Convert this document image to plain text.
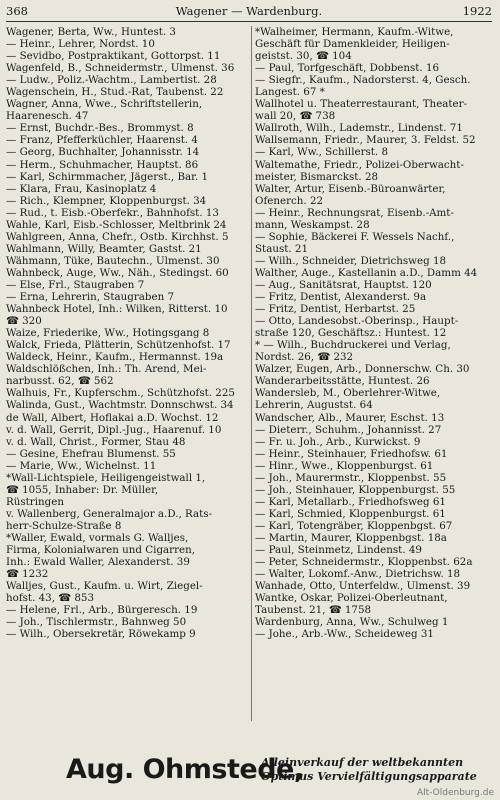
368	Wagener — Wardenburg.	1922
Wagener, Berta, Ww., Huntest. 3
— Heinr., Lehrer, Nordst. 10
— Sevidbo, Postpraktikant, Gottorpst. 11
Wagenfeld, B., Schneidermstr., Ulmenst. 36
— Ludw., Poliz.-Wachtm., Lambertist. 28
Wagenschein, H., Stud.-Rat, Taubenst. 22
Wagner, Anna, Wwe., Schriftstellerin,
Haarenesch. 47
— Ernst, Buchdr.-Bes., Brommyst. 8
— Franz, Pfefferküchler, Haarenst. 4
— Georg, Buchhalter, Johannisstr. 14
— Herm., Schuhmacher, Hauptst. 86
— Karl, Schirmmacher, Jägerst., Bar. 1
— Klara, Frau, Kasinoplatz 4
— Rich., Klempner, Kloppenburgst. 34
— Rud., t. Eisb.-Oberfekr., Bahnhofst. 13
Wahle, Karl, Eisb.-Schlosser, Meltbrink 24
Wahlgreen, Anna, Chefr., Ostb. Kirchhst. 5
Wahlmann, Willy, Beamter, Gastst. 21
Wähmann, Tüke, Bautechn., Ulmenst. 30
Wahnbeck, Auge, Ww., Näh., Stedingst. 60
— Else, Frl., Staugraben 7
— Erna, Lehrerin, Staugraben 7
Wahnbeck Hotel, Inh.: Wilken, Ritterst. 10
☎ 320
Waize, Friederike, Ww., Hotingsgang 8
Walck, Frieda, Plätterin, Schützenhofst. 17
Waldeck, Heinr., Kaufm., Hermannst. 19a
Waldschlößchen, Inh.: Th. Arend, Mei-
narbusst. 62, ☎ 562
Walhuis, Fr., Kupferschm., Schützhofst. 225
Walinda, Gust., Wachtmstr. Donnschwst. 34
de Wall, Albert, Hoflakai a.D. Wochst. 12
v. d. Wall, Gerrit, Dipl.-Jug., Haarenuf. 10
v. d. Wall, Christ., Former, Stau 48
— Gesine, Ehefrau Blumenst. 55
— Marie, Ww., Wichelnst. 11
*Wall-Lichtspiele, Heiligengeistwall 1,
☎ 1055, Inhaber: Dr. Müller,
Rüstringen
v. Wallenberg, Generalmajor a.D., Rats-
herr-Schulze-Straße 8
*Waller, Ewald, vormals G. Walljes,
Firma, Kolonialwaren und Cigarren,
Inh.: Ewald Waller, Alexanderst. 39
☎ 1232
Walljes, Gust., Kaufm. u. Wirt, Ziegel-
hofst. 43, ☎ 853
— Helene, Frl., Arb., Bürgeresch. 19
— Joh., Tischlermstr., Bahnweg 50
— Wilh., Obersekretär, Röwekamp 9
*Walheimer, Hermann, Kaufm.-Witwe,
Geschäft für Damenkleider, Heiligen-
geistst. 30, ☎ 104
— Paul, Torfgeschäft, Dobbenst. 16
— Siegfr., Kaufm., Nadorsterst. 4, Gesch.
Langest. 67 *
Wallhotel u. Theaterrestaurant, Theater-
wall 20, ☎ 738
Wallroth, Wilh., Lademstr., Lindenst. 71
Wallsemann, Friedr., Maurer, 3. Feldst. 52
— Karl, Ww., Schillerst. 8
Waltemathe, Friedr., Polizei-Oberwacht-
meister, Bismarckst. 28
Walter, Artur, Eisenb.-Büroanwärter,
Ofenerch. 22
— Heinr., Rechnungsrat, Eisenb.-Amt-
mann, Weskampst. 28
— Sophie, Bäckerei F. Wessels Nachf.,
Staust. 21
— Wilh., Schneider, Dietrichsweg 18
Walther, Auge., Kastellanin a.D., Damm 44
— Aug., Sanitätsrat, Hauptst. 120
— Fritz, Dentist, Alexanderst. 9a
— Fritz, Dentist, Herbartst. 25
— Otto, Landesobst.-Oberinsp., Haupt-
straße 120, Geschäftsz.: Huntest. 12
* — Wilh., Buchdruckerei und Verlag,
Nordst. 26, ☎ 232
Walzer, Eugen, Arb., Donnerschw. Ch. 30
Wanderarbeitsstätte, Huntest. 26
Wandersleb, M., Oberlehrer-Witwe,
Lehrerin, Augustst. 64
Wandscher, Alb., Maurer, Eschst. 13
— Dieterr., Schuhm., Johannisst. 27
— Fr. u. Joh., Arb., Kurwickst. 9
— Heinr., Steinhauer, Friedhofsw. 61
— Hinr., Wwe., Kloppenburgst. 61
— Joh., Maurermstr., Kloppenbst. 55
— Joh., Steinhauer, Kloppenburgst. 55
— Karl, Metallarb., Friedhofsweg 61
— Karl, Schmied, Kloppenburgst. 61
— Karl, Totengräber, Kloppenbgst. 67
— Martin, Maurer, Kloppenbgst. 18a
— Paul, Steinmetz, Lindenst. 49
— Peter, Schneidermstr., Kloppenbst. 62a
— Walter, Lokomf.-Anw., Dietrichsw. 18
Wanhade, Otto, Unterfeldw., Ulmenst. 39
Wantke, Oskar, Polizei-Oberleutnant,
Taubenst. 21, ☎ 1758
Wardenburg, Anna, Ww., Schulweg 1
— Johe., Arb.-Ww., Scheideweg 31
Aug. Ohmstede,
Alleinverkauf der weltbekannten
Optimus Vervielfältigungsapparate
Alt-Oldenburg.de
